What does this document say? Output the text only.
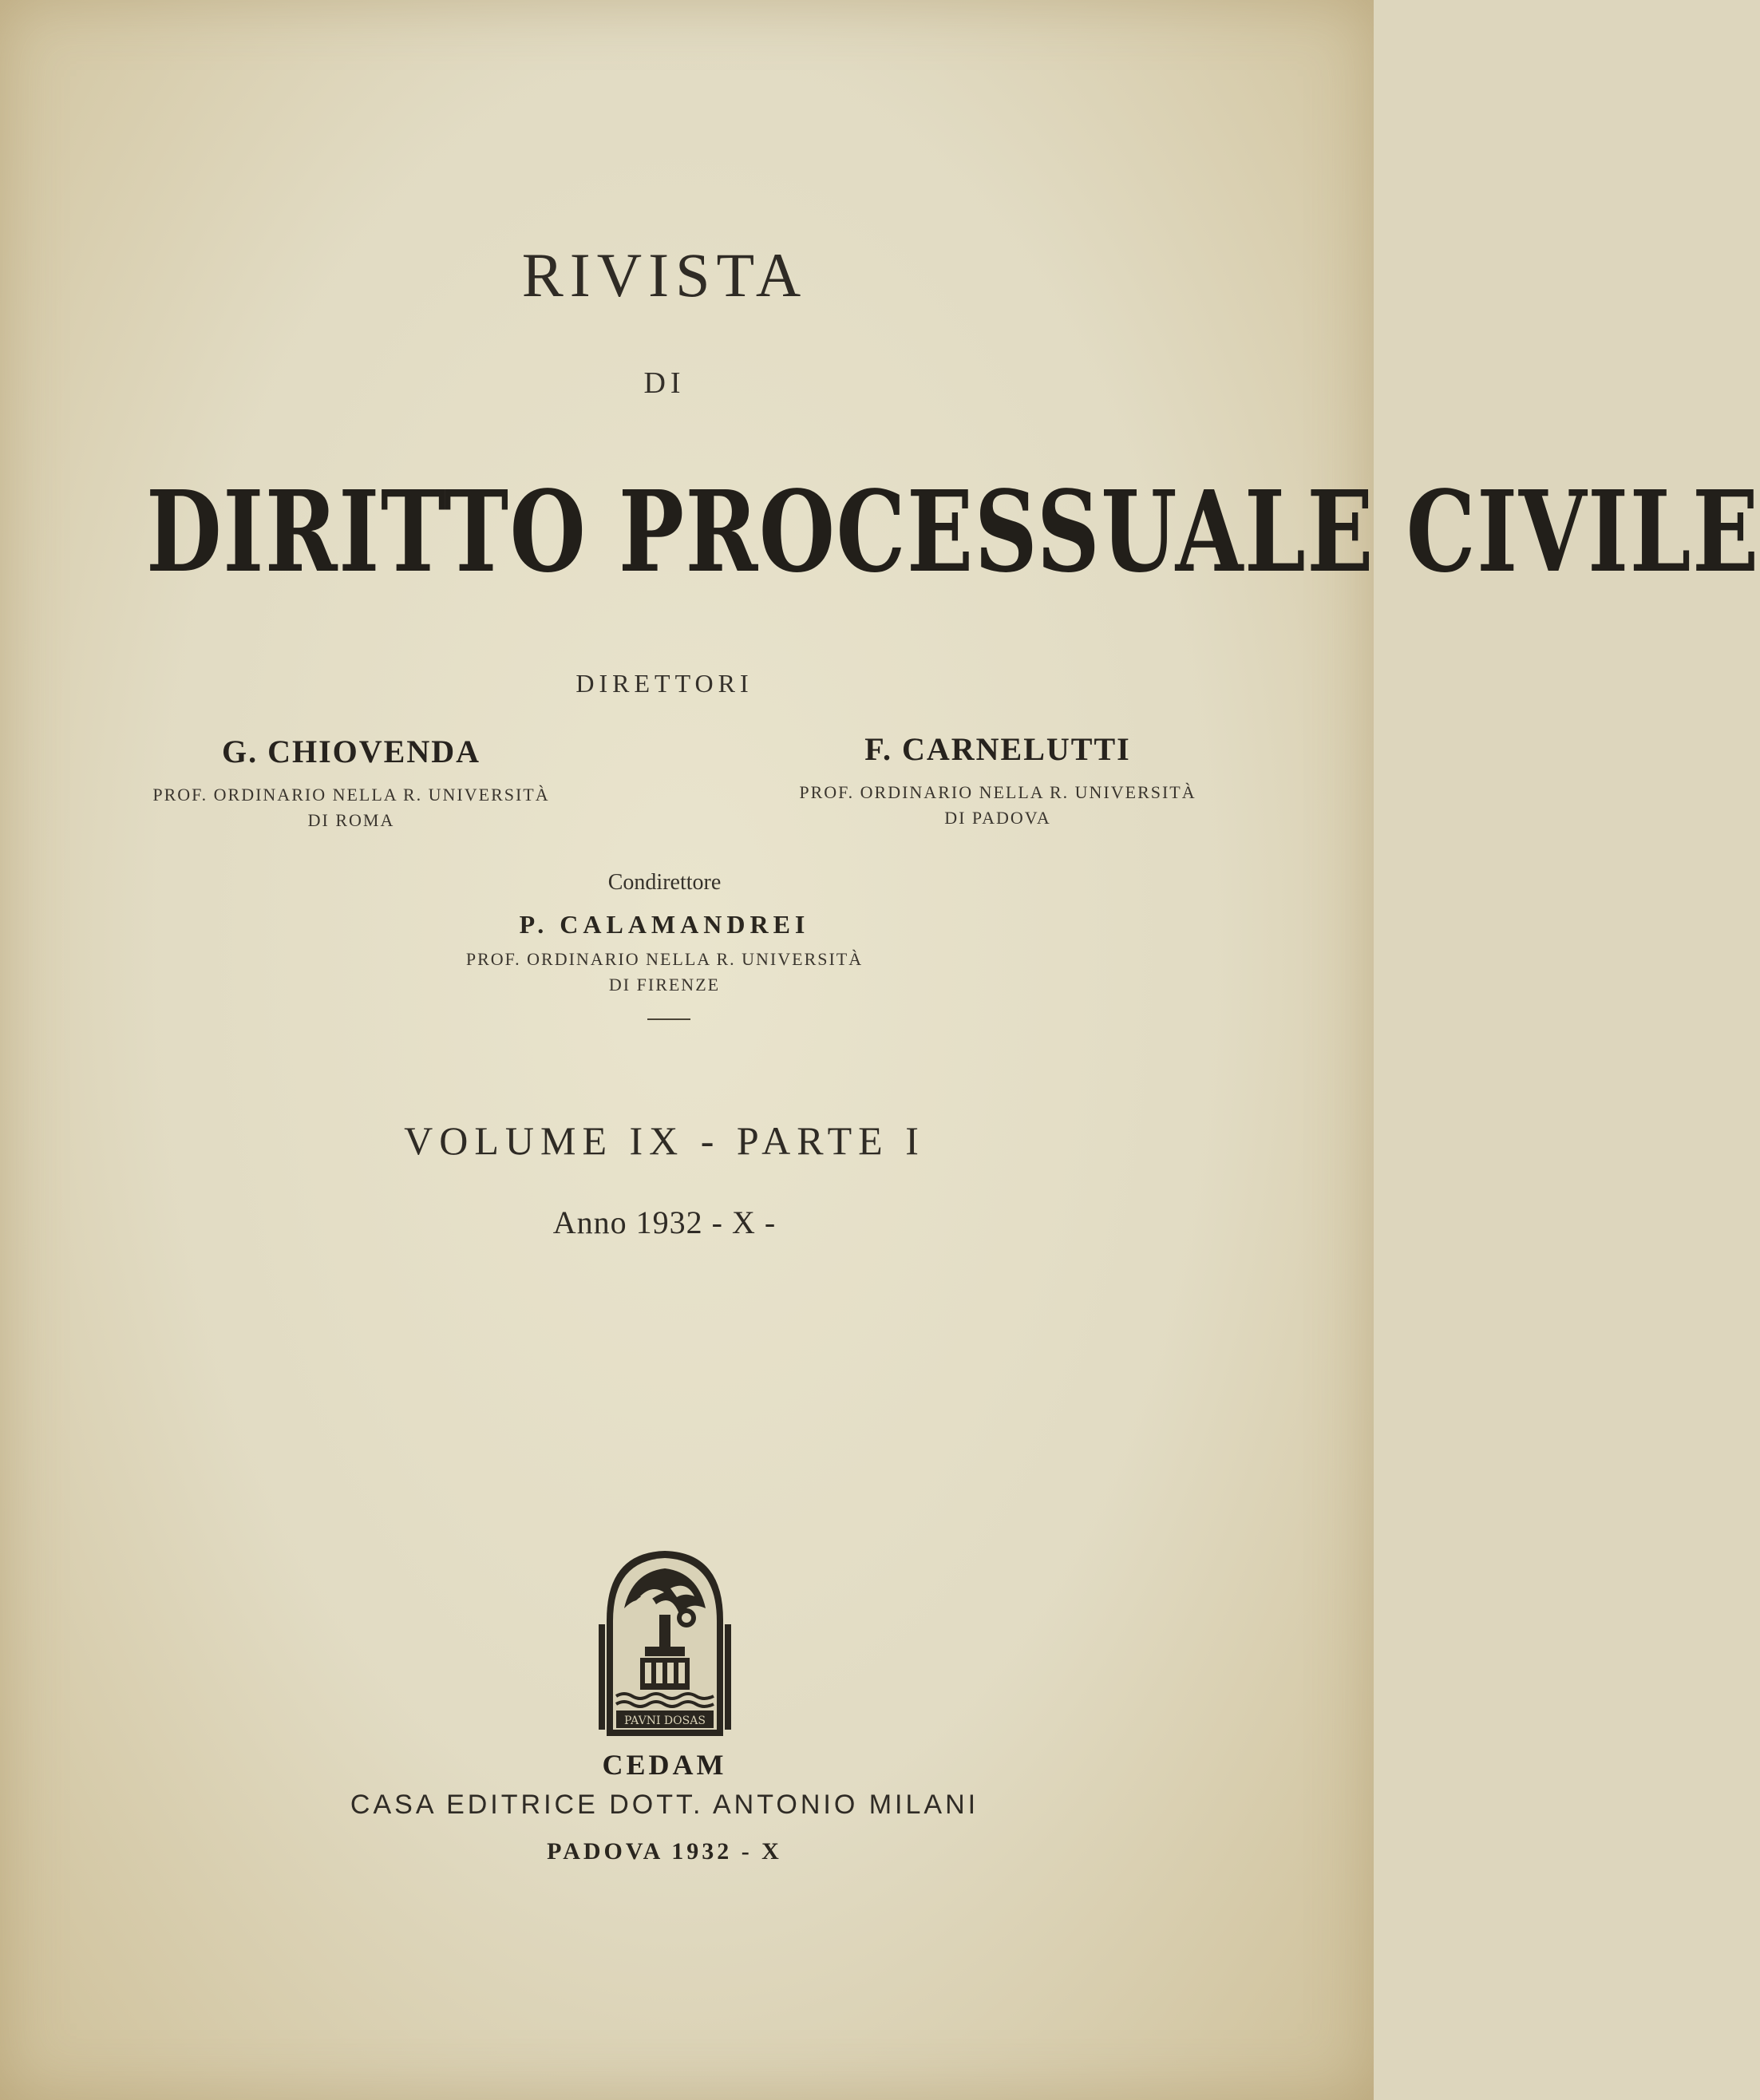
RIVISTA
DI
DIRITTO PROCESSUALE CIVILE
DIRETTORI
G. CHIOVENDA
PROF. ORDINARIO NELLA R. UNIVERSITÀ
DI ROMA
F. CARNELUTTI
PROF. ORDINARIO NELLA R. UNIVERSITÀ
DI PADOVA
Condirettore
P. CALAMANDREI
PROF. ORDINARIO NELLA R. UNIVERSITÀ
DI FIRENZE
VOLUME IX - PARTE I
Anno 1932 - X -
PAVNI DOSAS
CEDAM
CASA EDITRICE DOTT. ANTONIO MILANI
PADOVA 1932 - X
